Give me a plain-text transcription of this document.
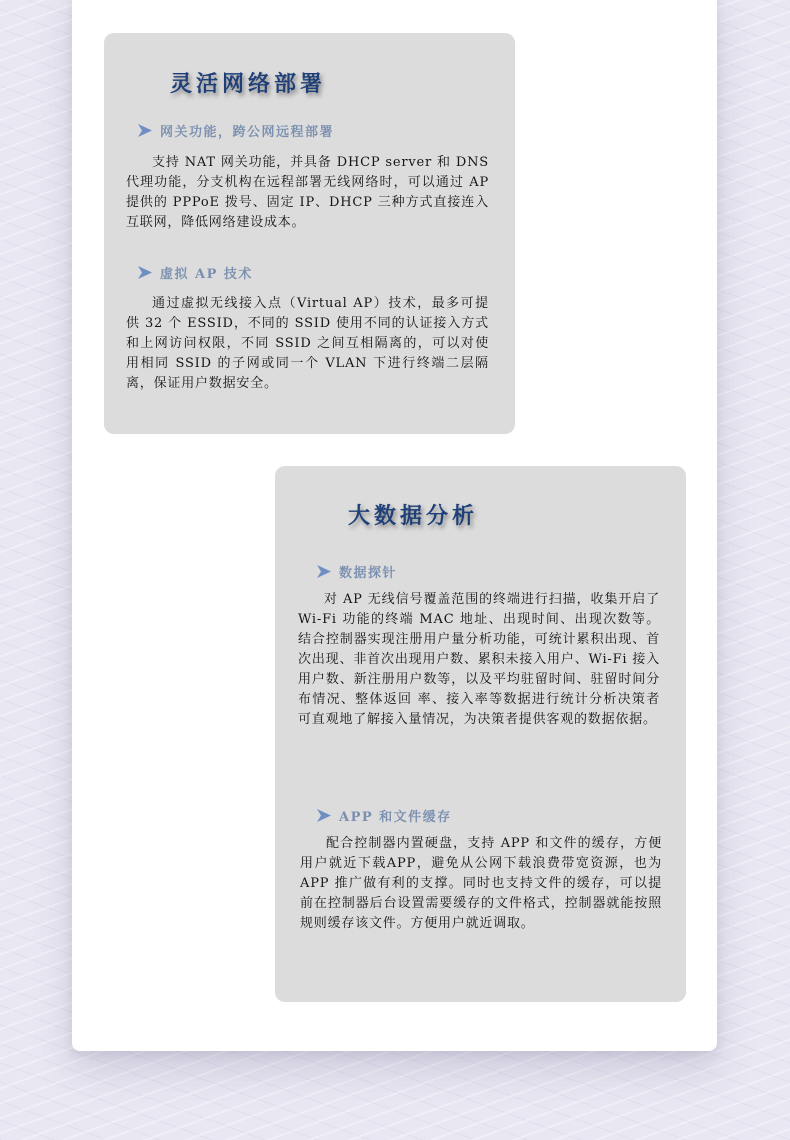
灵活网络部署
网关功能，跨公网远程部署

支持 NAT 网关功能，并具备 DHCP server 和 DNS代理功能，分支机构在远程部署无线网络时，可以通过 AP 提供的 PPPoE 拨号、固定 IP、DHCP 三种方式直接连入互联网，降低网络建设成本。

虚拟 AP 技术

通过虚拟无线接入点（Virtual AP）技术，最多可提供 32 个 ESSID，不同的 SSID 使用不同的认证接入方式和上网访问权限，不同 SSID 之间互相隔离的，可以对使用相同 SSID 的子网或同一个 VLAN 下进行终端二层隔离，保证用户数据安全。

大数据分析
数据探针

对 AP 无线信号覆盖范围的终端进行扫描，收集开启了 Wi-Fi 功能的终端 MAC 地址、出现时间、出现次数等。结合控制器实现注册用户量分析功能，可统计累积出现、首次出现、非首次出现用户数、累积未接入用户、Wi-Fi 接入用户数、新注册用户数等，以及平均驻留时间、驻留时间分布情况、整体返回 率、接入率等数据进行统计分析决策者可直观地了解接入量情况，为决策者提供客观的数据依据。

APP 和文件缓存

配合控制器内置硬盘，支持 APP 和文件的缓存，方便用户就近下载APP，避免从公网下载浪费带宽资源，也为 APP 推广做有利的支撑。同时也支持文件的缓存，可以提前在控制器后台设置需要缓存的文件格式，控制器就能按照规则缓存该文件。方便用户就近调取。
